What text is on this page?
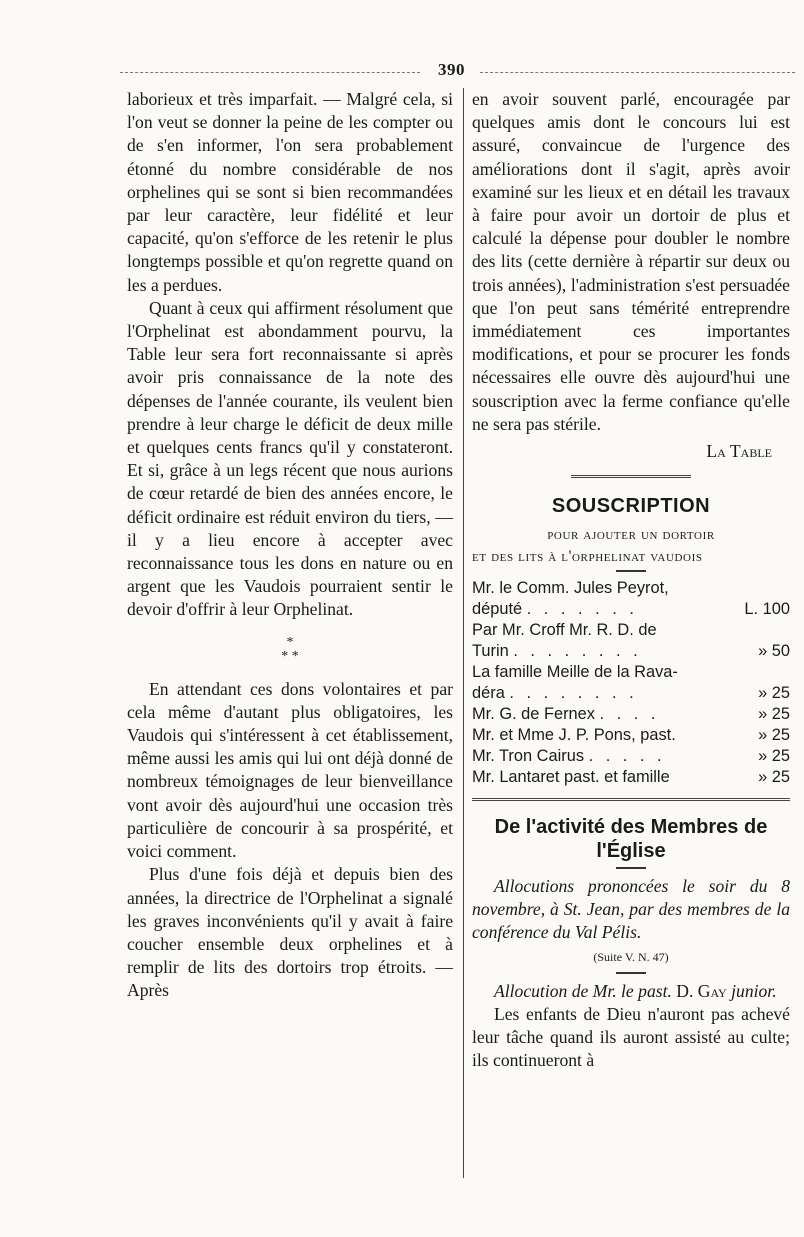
390

laborieux et très imparfait. — Malgré cela, si l'on veut se donner la peine de les compter ou de s'en informer, l'on sera probablement étonné du nombre considérable de nos orphelines qui se sont si bien recommandées par leur caractère, leur fidélité et leur capacité, qu'on s'efforce de les retenir le plus longtemps possible et qu'on regrette quand on les a perdues.

Quant à ceux qui affirment résolument que l'Orphelinat est abondamment pourvu, la Table leur sera fort reconnaissante si après avoir pris connaissance de la note des dépenses de l'année courante, ils veulent bien prendre à leur charge le déficit de deux mille et quelques cents francs qu'il y constateront. Et si, grâce à un legs récent que nous aurions de cœur retardé de bien des années encore, le déficit ordinaire est réduit environ du tiers, — il y a lieu encore à accepter avec reconnaissance tous les dons en nature ou en argent que les Vaudois pourraient sentir le devoir d'offrir à leur Orphelinat.

*
* *

En attendant ces dons volontaires et par cela même d'autant plus obligatoires, les Vaudois qui s'intéressent à cet établissement, même aussi les amis qui lui ont déjà donné de nombreux témoignages de leur bienveillance vont avoir dès aujourd'hui une occasion très particulière de concourir à sa prospérité, et voici comment.

Plus d'une fois déjà et depuis bien des années, la directrice de l'Orphelinat a signalé les graves inconvénients qu'il y avait à faire coucher ensemble deux orphelines et à remplir de lits des dortoirs trop étroits. — Après

en avoir souvent parlé, encouragée par quelques amis dont le concours lui est assuré, convaincue de l'urgence des améliorations dont il s'agit, après avoir examiné sur les lieux et en détail les travaux à faire pour avoir un dortoir de plus et calculé la dépense pour doubler le nombre des lits (cette dernière à répartir sur deux ou trois années), l'administration s'est persuadée que l'on peut sans témérité entreprendre immédiatement ces importantes modifications, et pour se procurer les fonds nécessaires elle ouvre dès aujourd'hui une souscription avec la ferme confiance qu'elle ne sera pas stérile.

La Table

SOUSCRIPTION
pour ajouter un dortoir
et des lits à l'orphelinat vaudois
Mr. le Comm. Jules Peyrot,	
député . . . . . . .	L. 100
Par Mr. Croff Mr. R. D. de	
Turin . . . . . . . .	» 50
La famille Meille de la Rava-	
déra . . . . . . . .	» 25
Mr. G. de Fernex . . . .	» 25
Mr. et Mme J. P. Pons, past.	» 25
Mr. Tron Cairus . . . . .	» 25
Mr. Lantaret past. et famille	» 25
De l'activité des Membres de l'Église

Allocutions prononcées le soir du 8 novembre, à St. Jean, par des membres de la conférence du Val Pélis.

(Suite V. N. 47)

Allocution de Mr. le past. D. Gay junior.

Les enfants de Dieu n'auront pas achevé leur tâche quand ils auront assisté au culte; ils continueront à
